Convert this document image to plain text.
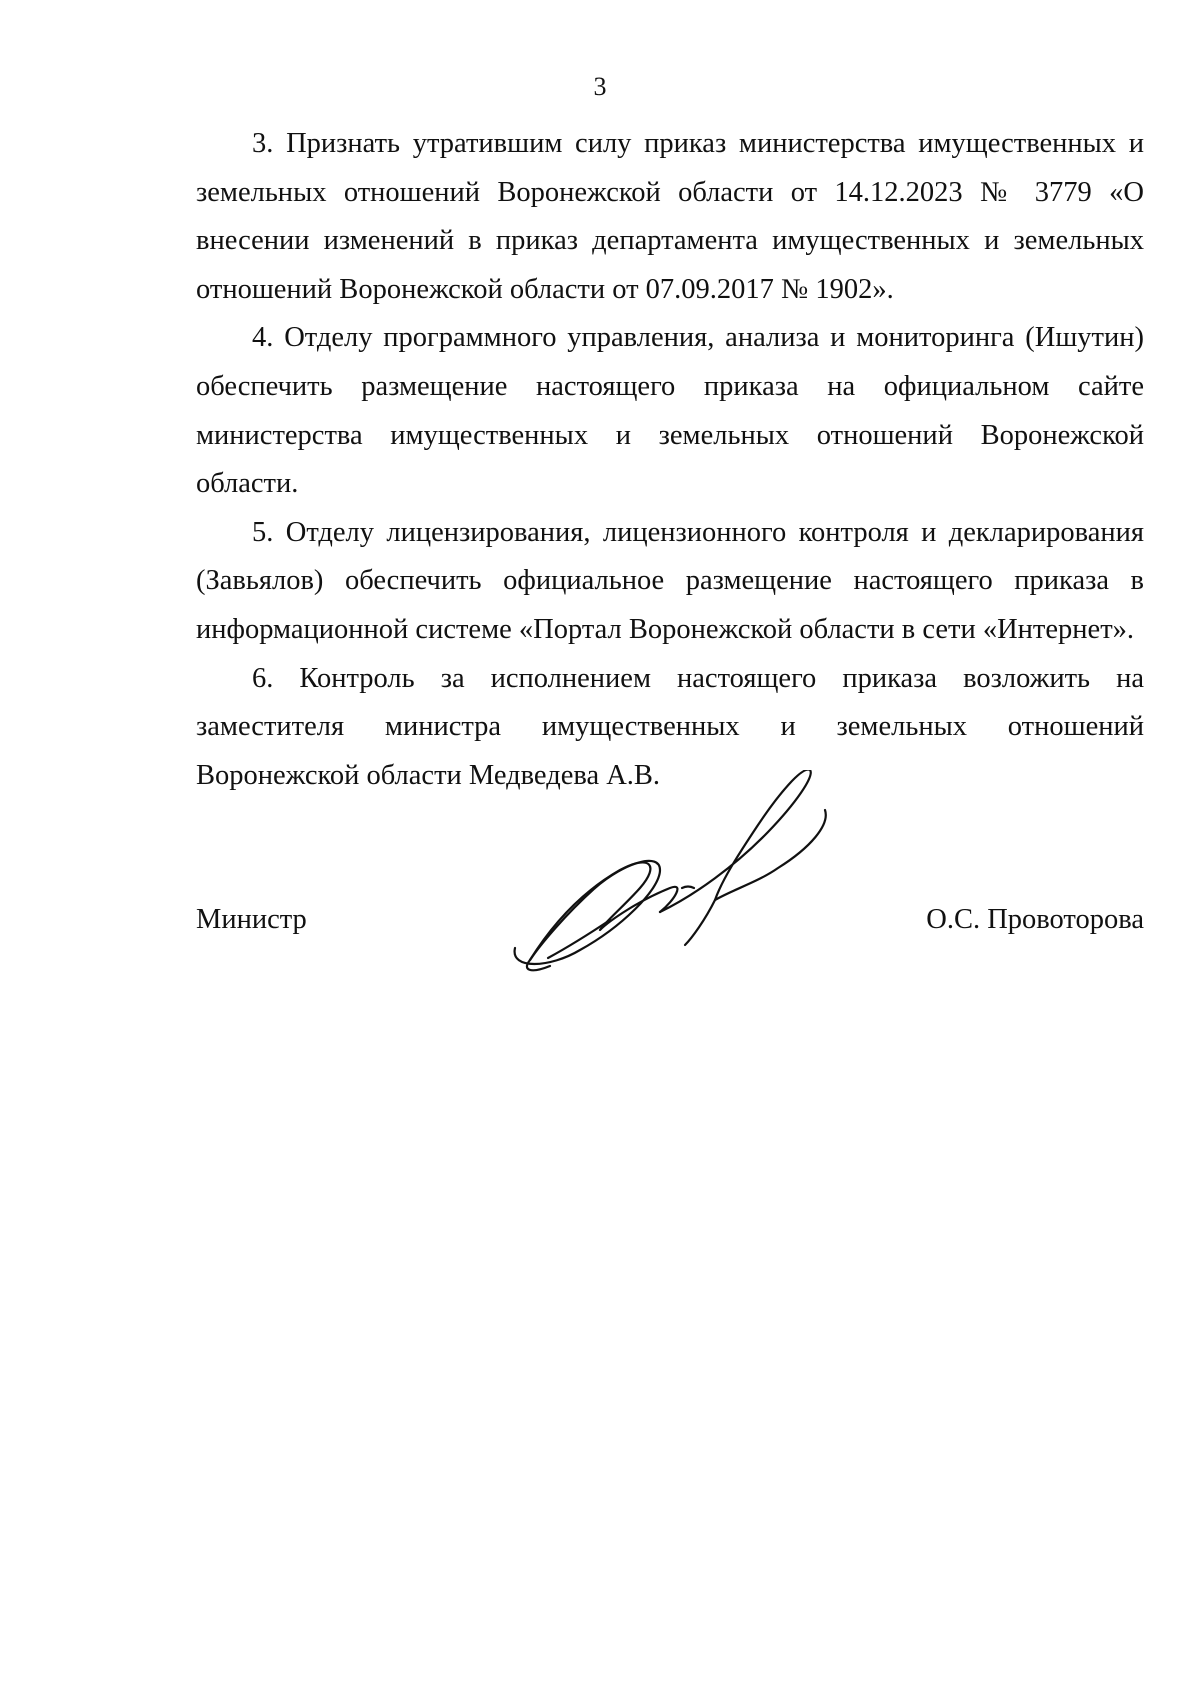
3

3. Признать утратившим силу приказ министерства имущественных и земельных отношений Воронежской области от 14.12.2023 № 3779 «О внесении изменений в приказ департамента имущественных и земельных отношений Воронежской области от 07.09.2017 № 1902».

4. Отделу программного управления, анализа и мониторинга (Ишутин) обеспечить размещение настоящего приказа на официальном сайте министерства имущественных и земельных отношений Воронежской области.

5. Отделу лицензирования, лицензионного контроля и декларирования (Завьялов) обеспечить официальное размещение настоящего приказа в информационной системе «Портал Воронежской области в сети «Интернет».

6. Контроль за исполнением настоящего приказа возложить на заместителя министра имущественных и земельных отношений Воронежской области Медведева А.В.

Министр	О.С. Провоторова
